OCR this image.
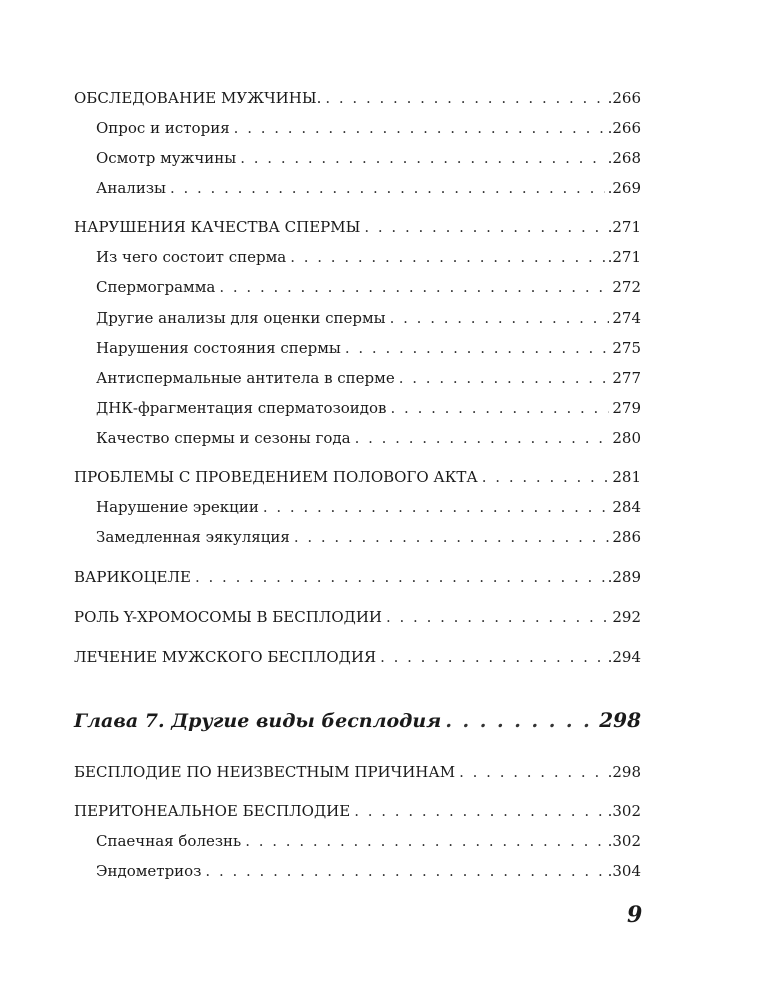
ОБСЛЕДОВАНИЕ МУЖЧИНЫ. . . .	.266
Опрос и история . . .	.266
Осмотр мужчины . . .	.268
Анализы . . .	.269
НАРУШЕНИЯ КАЧЕСТВА СПЕРМЫ . . .	.271
Из чего состоит сперма . . .	.271
Спермограмма . . .	272
Другие анализы для оценки спермы . . .	274
Нарушения состояния спермы . . .	275
Антиспермальные антитела в сперме . . .	277
ДНК-фрагментация сперматозоидов . . .	279
Качество спермы и сезоны года . . .	280
ПРОБЛЕМЫ С ПРОВЕДЕНИЕМ ПОЛОВОГО АКТА . . .	281
Нарушение эрекции . . .	284
Замедленная эякуляция . . .	286
ВАРИКОЦЕЛЕ . . .	.289
РОЛЬ Y-ХРОМОСОМЫ В БЕСПЛОДИИ . . .	292
ЛЕЧЕНИЕ МУЖСКОГО БЕСПЛОДИЯ . . .	.294
Глава 7. Другие виды бесплодия . . .	298
БЕСПЛОДИЕ ПО НЕИЗВЕСТНЫМ ПРИЧИНАМ . . .	.298
ПЕРИТОНЕАЛЬНОЕ БЕСПЛОДИЕ . . .	.302
Спаечная болезнь . . .	.302
Эндометриоз . . .	.304
9
